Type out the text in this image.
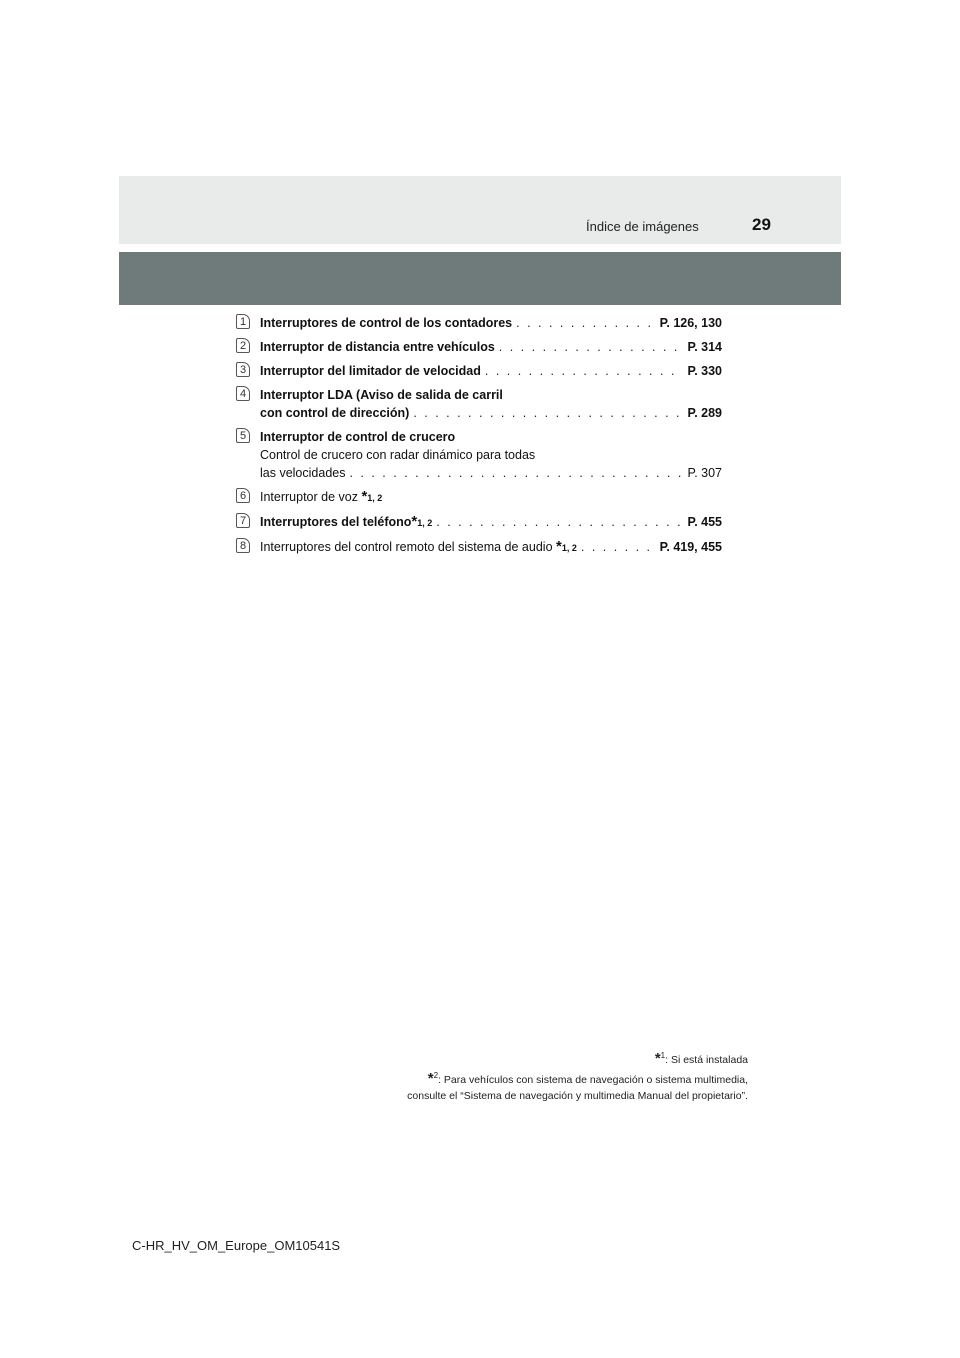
Índice de imágenes	29
1	Interruptores de control de los contadores . . .	P. 126, 130
2	Interruptor de distancia entre vehículos . . .	P. 314
3	Interruptor del limitador de velocidad . . .	P. 330
4	Interruptor LDA (Aviso de salida de carril
con control de dirección) . . .	P. 289
5	Interruptor de control de crucero
Control de crucero con radar dinámico para todas
las velocidades . . .	P. 307
6	Interruptor de voz
* 1, 2
7	Interruptores del teléfono * 1, 2 . . .	P. 455
8	Interruptores del control remoto del sistema de audio
* 1, 2 . . .	P. 419, 455
*$^1$: Si está instalada
*$^2$: Para vehículos con sistema de navegación o sistema multimedia,
consulte el “Sistema de navegación y multimedia Manual del propietario”.
C-HR_HV_OM_Europe_OM10541S
